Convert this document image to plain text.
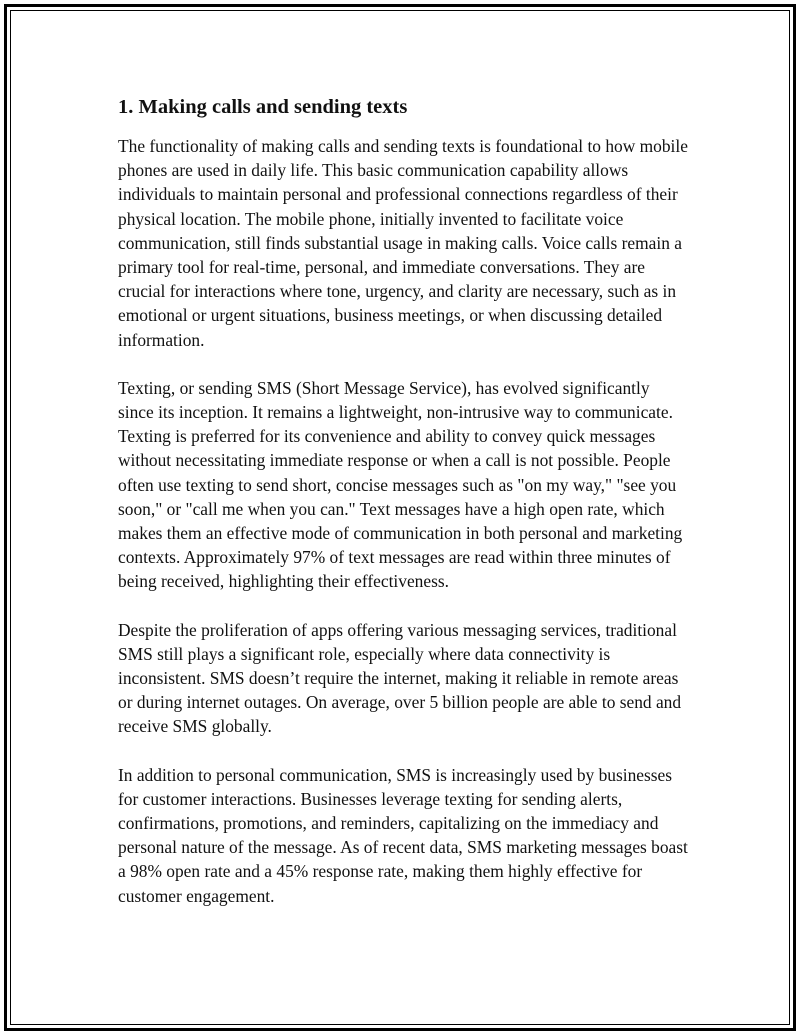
1. Making calls and sending texts

The functionality of making calls and sending texts is foundational to how mobile phones are used in daily life. This basic communication capability allows individuals to maintain personal and professional connections regardless of their physical location. The mobile phone, initially invented to facilitate voice communication, still finds substantial usage in making calls. Voice calls remain a primary tool for real-time, personal, and immediate conversations. They are crucial for interactions where tone, urgency, and clarity are necessary, such as in emotional or urgent situations, business meetings, or when discussing detailed information.

Texting, or sending SMS (Short Message Service), has evolved significantly since its inception. It remains a lightweight, non-intrusive way to communicate. Texting is preferred for its convenience and ability to convey quick messages without necessitating immediate response or when a call is not possible. People often use texting to send short, concise messages such as "on my way," "see you soon," or "call me when you can." Text messages have a high open rate, which makes them an effective mode of communication in both personal and marketing contexts. Approximately 97% of text messages are read within three minutes of being received, highlighting their effectiveness.

Despite the proliferation of apps offering various messaging services, traditional SMS still plays a significant role, especially where data connectivity is inconsistent. SMS doesn’t require the internet, making it reliable in remote areas or during internet outages. On average, over 5 billion people are able to send and receive SMS globally.

In addition to personal communication, SMS is increasingly used by businesses for customer interactions. Businesses leverage texting for sending alerts, confirmations, promotions, and reminders, capitalizing on the immediacy and personal nature of the message. As of recent data, SMS marketing messages boast a 98% open rate and a 45% response rate, making them highly effective for customer engagement.
